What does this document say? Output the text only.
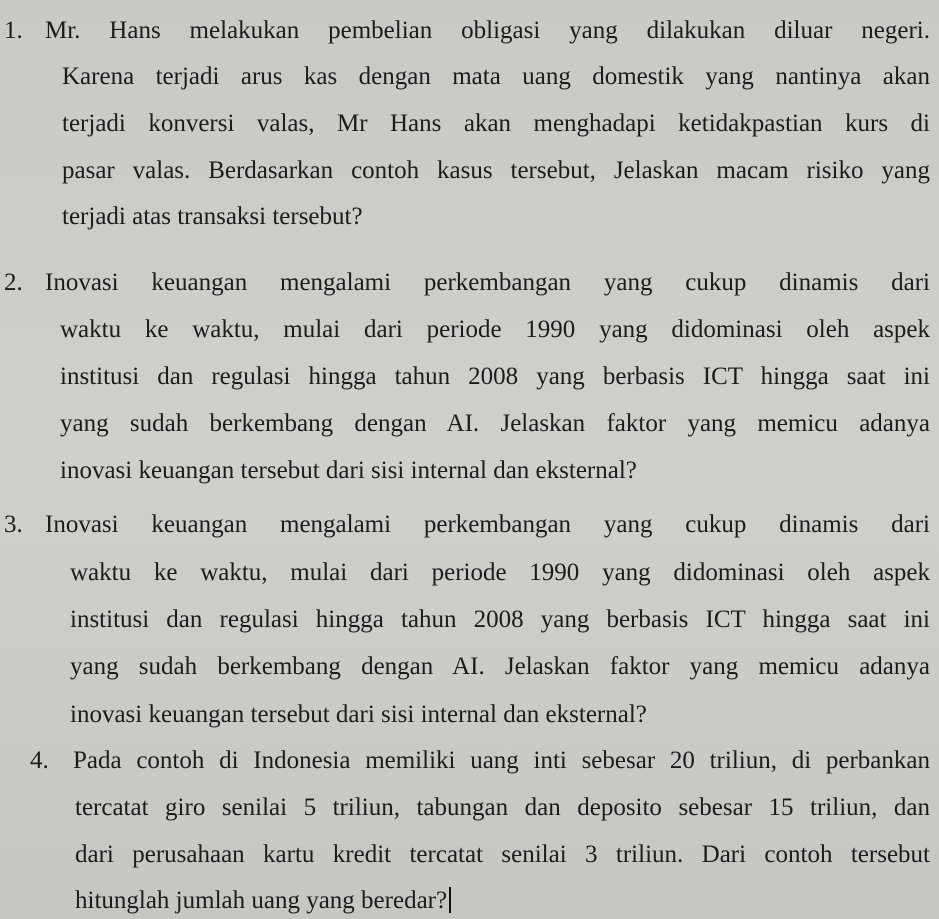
1. Mr. Hans melakukan pembelian obligasi yang dilakukan diluar negeri.
Karena terjadi arus kas dengan mata uang domestik yang nantinya akan
terjadi konversi valas, Mr Hans akan menghadapi ketidakpastian kurs di
pasar valas. Berdasarkan contoh kasus tersebut, Jelaskan macam risiko yang
terjadi atas transaksi tersebut?
2. Inovasi keuangan mengalami perkembangan yang cukup dinamis dari
waktu ke waktu, mulai dari periode 1990 yang didominasi oleh aspek
institusi dan regulasi hingga tahun 2008 yang berbasis ICT hingga saat ini
yang sudah berkembang dengan AI. Jelaskan faktor yang memicu adanya
inovasi keuangan tersebut dari sisi internal dan eksternal?
3. Inovasi keuangan mengalami perkembangan yang cukup dinamis dari
waktu ke waktu, mulai dari periode 1990 yang didominasi oleh aspek
institusi dan regulasi hingga tahun 2008 yang berbasis ICT hingga saat ini
yang sudah berkembang dengan AI. Jelaskan faktor yang memicu adanya
inovasi keuangan tersebut dari sisi internal dan eksternal?
4. Pada contoh di Indonesia memiliki uang inti sebesar 20 triliun, di perbankan
tercatat giro senilai 5 triliun, tabungan dan deposito sebesar 15 triliun, dan
dari perusahaan kartu kredit tercatat senilai 3 triliun. Dari contoh tersebut
hitunglah jumlah uang yang beredar?
